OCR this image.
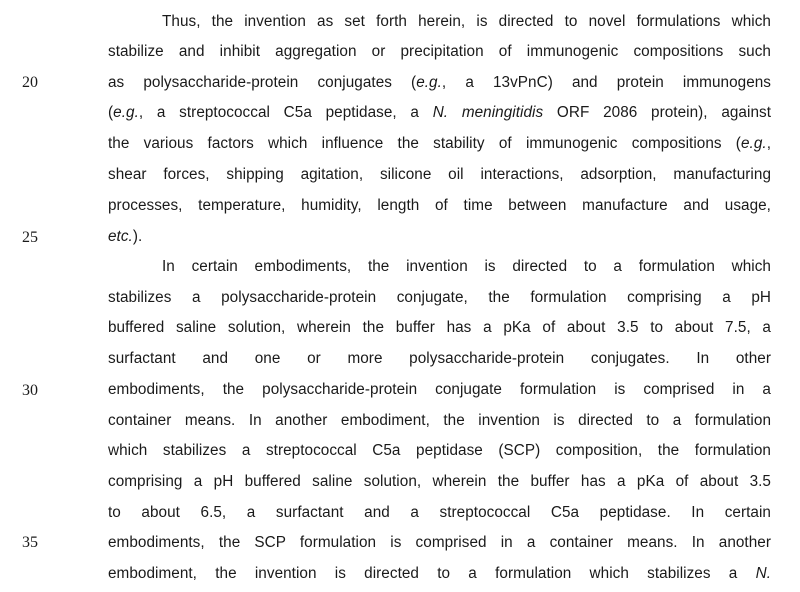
20
25
30
35
Thus, the invention as set forth herein, is directed to novel formulations which
stabilize and inhibit aggregation or precipitation of immunogenic compositions such
as polysaccharide-protein conjugates (e.g., a 13vPnC) and protein immunogens
(e.g., a streptococcal C5a peptidase, a N. meningitidis ORF 2086 protein), against
the various factors which influence the stability of immunogenic compositions (e.g.,
shear forces, shipping agitation, silicone oil interactions, adsorption, manufacturing
processes, temperature, humidity, length of time between manufacture and usage,
etc.).
In certain embodiments, the invention is directed to a formulation which
stabilizes a polysaccharide-protein conjugate, the formulation comprising a pH
buffered saline solution, wherein the buffer has a pKa of about 3.5 to about 7.5, a
surfactant and one or more polysaccharide-protein conjugates. In other
embodiments, the polysaccharide-protein conjugate formulation is comprised in a
container means. In another embodiment, the invention is directed to a formulation
which stabilizes a streptococcal C5a peptidase (SCP) composition, the formulation
comprising a pH buffered saline solution, wherein the buffer has a pKa of about 3.5
to about 6.5, a surfactant and a streptococcal C5a peptidase. In certain
embodiments, the SCP formulation is comprised in a container means. In another
embodiment, the invention is directed to a formulation which stabilizes a N.
